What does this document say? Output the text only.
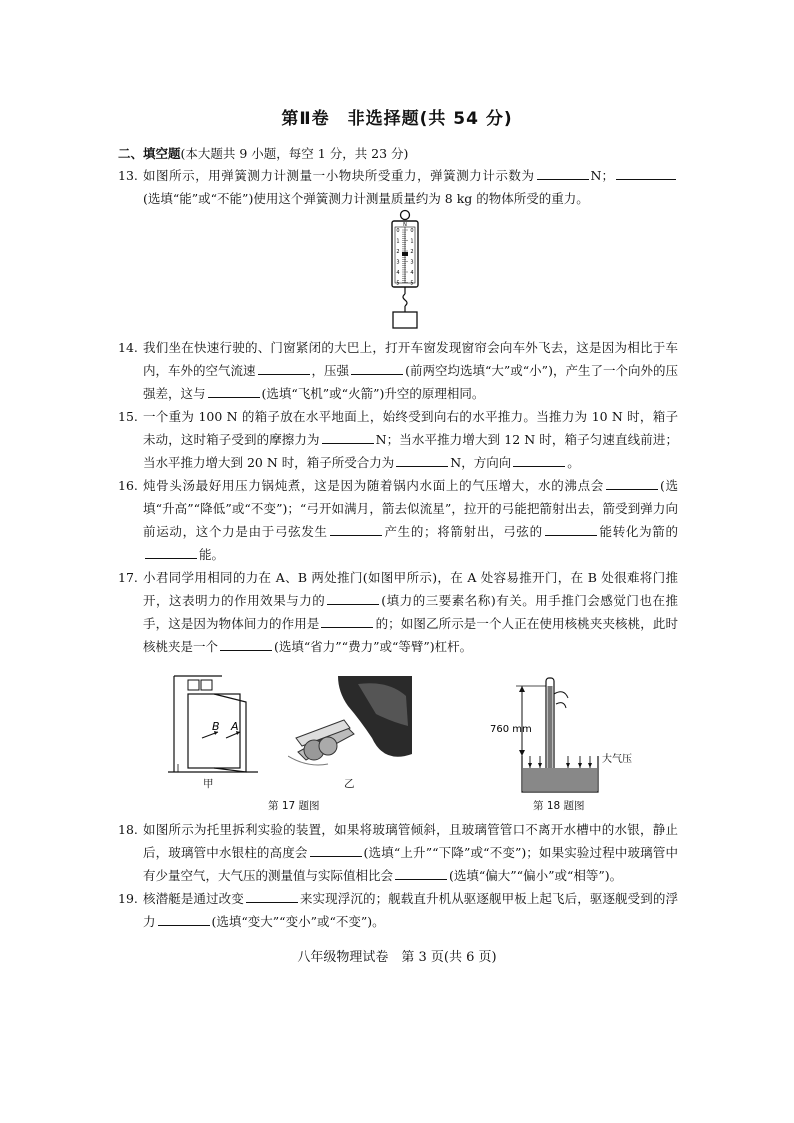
第Ⅱ卷　非选择题(共 54 分)
二、填空题(本大题共 9 小题，每空 1 分，共 23 分)
13. 如图所示，用弹簧测力计测量一小物块所受重力，弹簧测力计示数为	N；(选填“能”或“不能”)使用这个弹簧测力计测量质量约为 8 kg 的物体所受的重力。
N
0 0
1 1
2 2
3 3
4 4
5 5
14. 我们坐在快速行驶的、门窗紧闭的大巴上，打开车窗发现窗帘会向车外飞去，这是因为相比于车内，车外的空气流速	，压强	(前两空均选填“大”或“小”)，产生了一个向外的压强差，这与	(选填“飞机”或“火箭”)升空的原理相同。
15. 一个重为 100 N 的箱子放在水平地面上，始终受到向右的水平推力。当推力为 10 N 时，箱子未动，这时箱子受到的摩擦力为	N；当水平推力增大到 12 N 时，箱子匀速直线前进；当水平推力增大到 20 N 时，箱子所受合力为	N，方向向	。
16. 炖骨头汤最好用压力锅炖煮，这是因为随着锅内水面上的气压增大，水的沸点会	(选填“升高”“降低”或“不变”)；“弓开如满月，箭去似流星”，拉开的弓能把箭射出去，箭受到弹力向前运动，这个力是由于弓弦发生	产生的；将箭射出，弓弦的	能转化为箭的能。
17. 小君同学用相同的力在 A、B 两处推门(如图甲所示)，在 A 处容易推开门，在 B 处很难将门推开，这表明力的作用效果与力的	(填力的三要素名称)有关。用手推门会感觉门也在推手，这是因为物体间力的作用是	的；如图乙所示是一个人正在使用核桃夹夹核桃，此时核桃夹是一个	(选填“省力”“费力”或“等臂”)杠杆。
B A
甲	乙
第 17 题图
760 mm
大气压
第 18 题图
18. 如图所示为托里拆利实验的装置，如果将玻璃管倾斜，且玻璃管管口不离开水槽中的水银，静止后，玻璃管中水银柱的高度会	(选填“上升”“下降”或“不变”)；如果实验过程中玻璃管中有少量空气，大气压的测量值与实际值相比会	(选填“偏大”“偏小”或“相等”)。
19. 核潜艇是通过改变	来实现浮沉的；舰载直升机从驱逐舰甲板上起飞后，驱逐舰受到的浮力	(选填“变大”“变小”或“不变”)。
八年级物理试卷　第 3 页(共 6 页)
